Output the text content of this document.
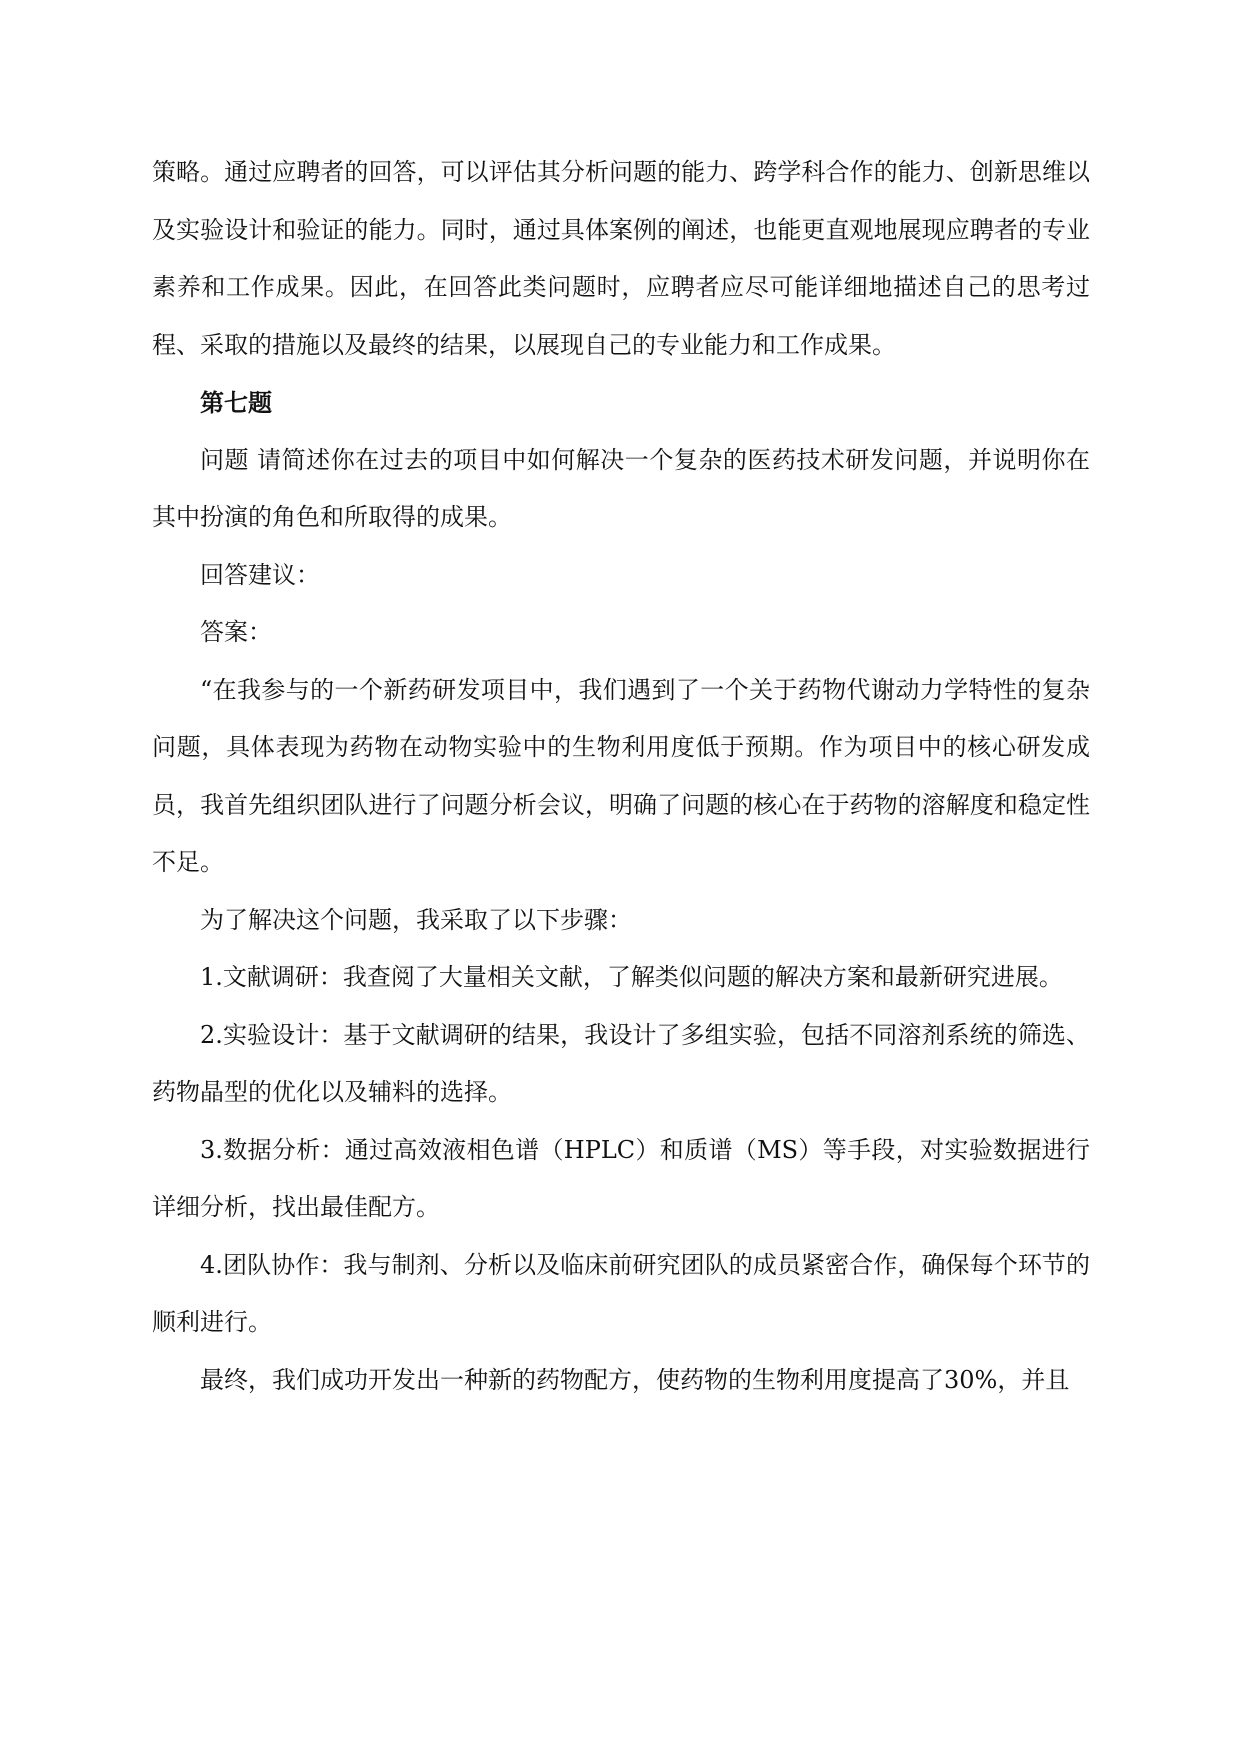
策略。通过应聘者的回答，可以评估其分析问题的能力、跨学科合作的能力、创新思维以及实验设计和验证的能力。同时，通过具体案例的阐述，也能更直观地展现应聘者的专业素养和工作成果。因此，在回答此类问题时，应聘者应尽可能详细地描述自己的思考过程、采取的措施以及最终的结果，以展现自己的专业能力和工作成果。

第七题

问题 请简述你在过去的项目中如何解决一个复杂的医药技术研发问题，并说明你在其中扮演的角色和所取得的成果。

回答建议：

答案：

“在我参与的一个新药研发项目中，我们遇到了一个关于药物代谢动力学特性的复杂问题，具体表现为药物在动物实验中的生物利用度低于预期。作为项目中的核心研发成员，我首先组织团队进行了问题分析会议，明确了问题的核心在于药物的溶解度和稳定性不足。

为了解决这个问题，我采取了以下步骤：

1.文献调研：我查阅了大量相关文献，了解类似问题的解决方案和最新研究进展。

2.实验设计：基于文献调研的结果，我设计了多组实验，包括不同溶剂系统的筛选、药物晶型的优化以及辅料的选择。

3.数据分析：通过高效液相色谱（HPLC）和质谱（MS）等手段，对实验数据进行详细分析，找出最佳配方。

4.团队协作：我与制剂、分析以及临床前研究团队的成员紧密合作，确保每个环节的顺利进行。

最终，我们成功开发出一种新的药物配方，使药物的生物利用度提高了30%，并且
